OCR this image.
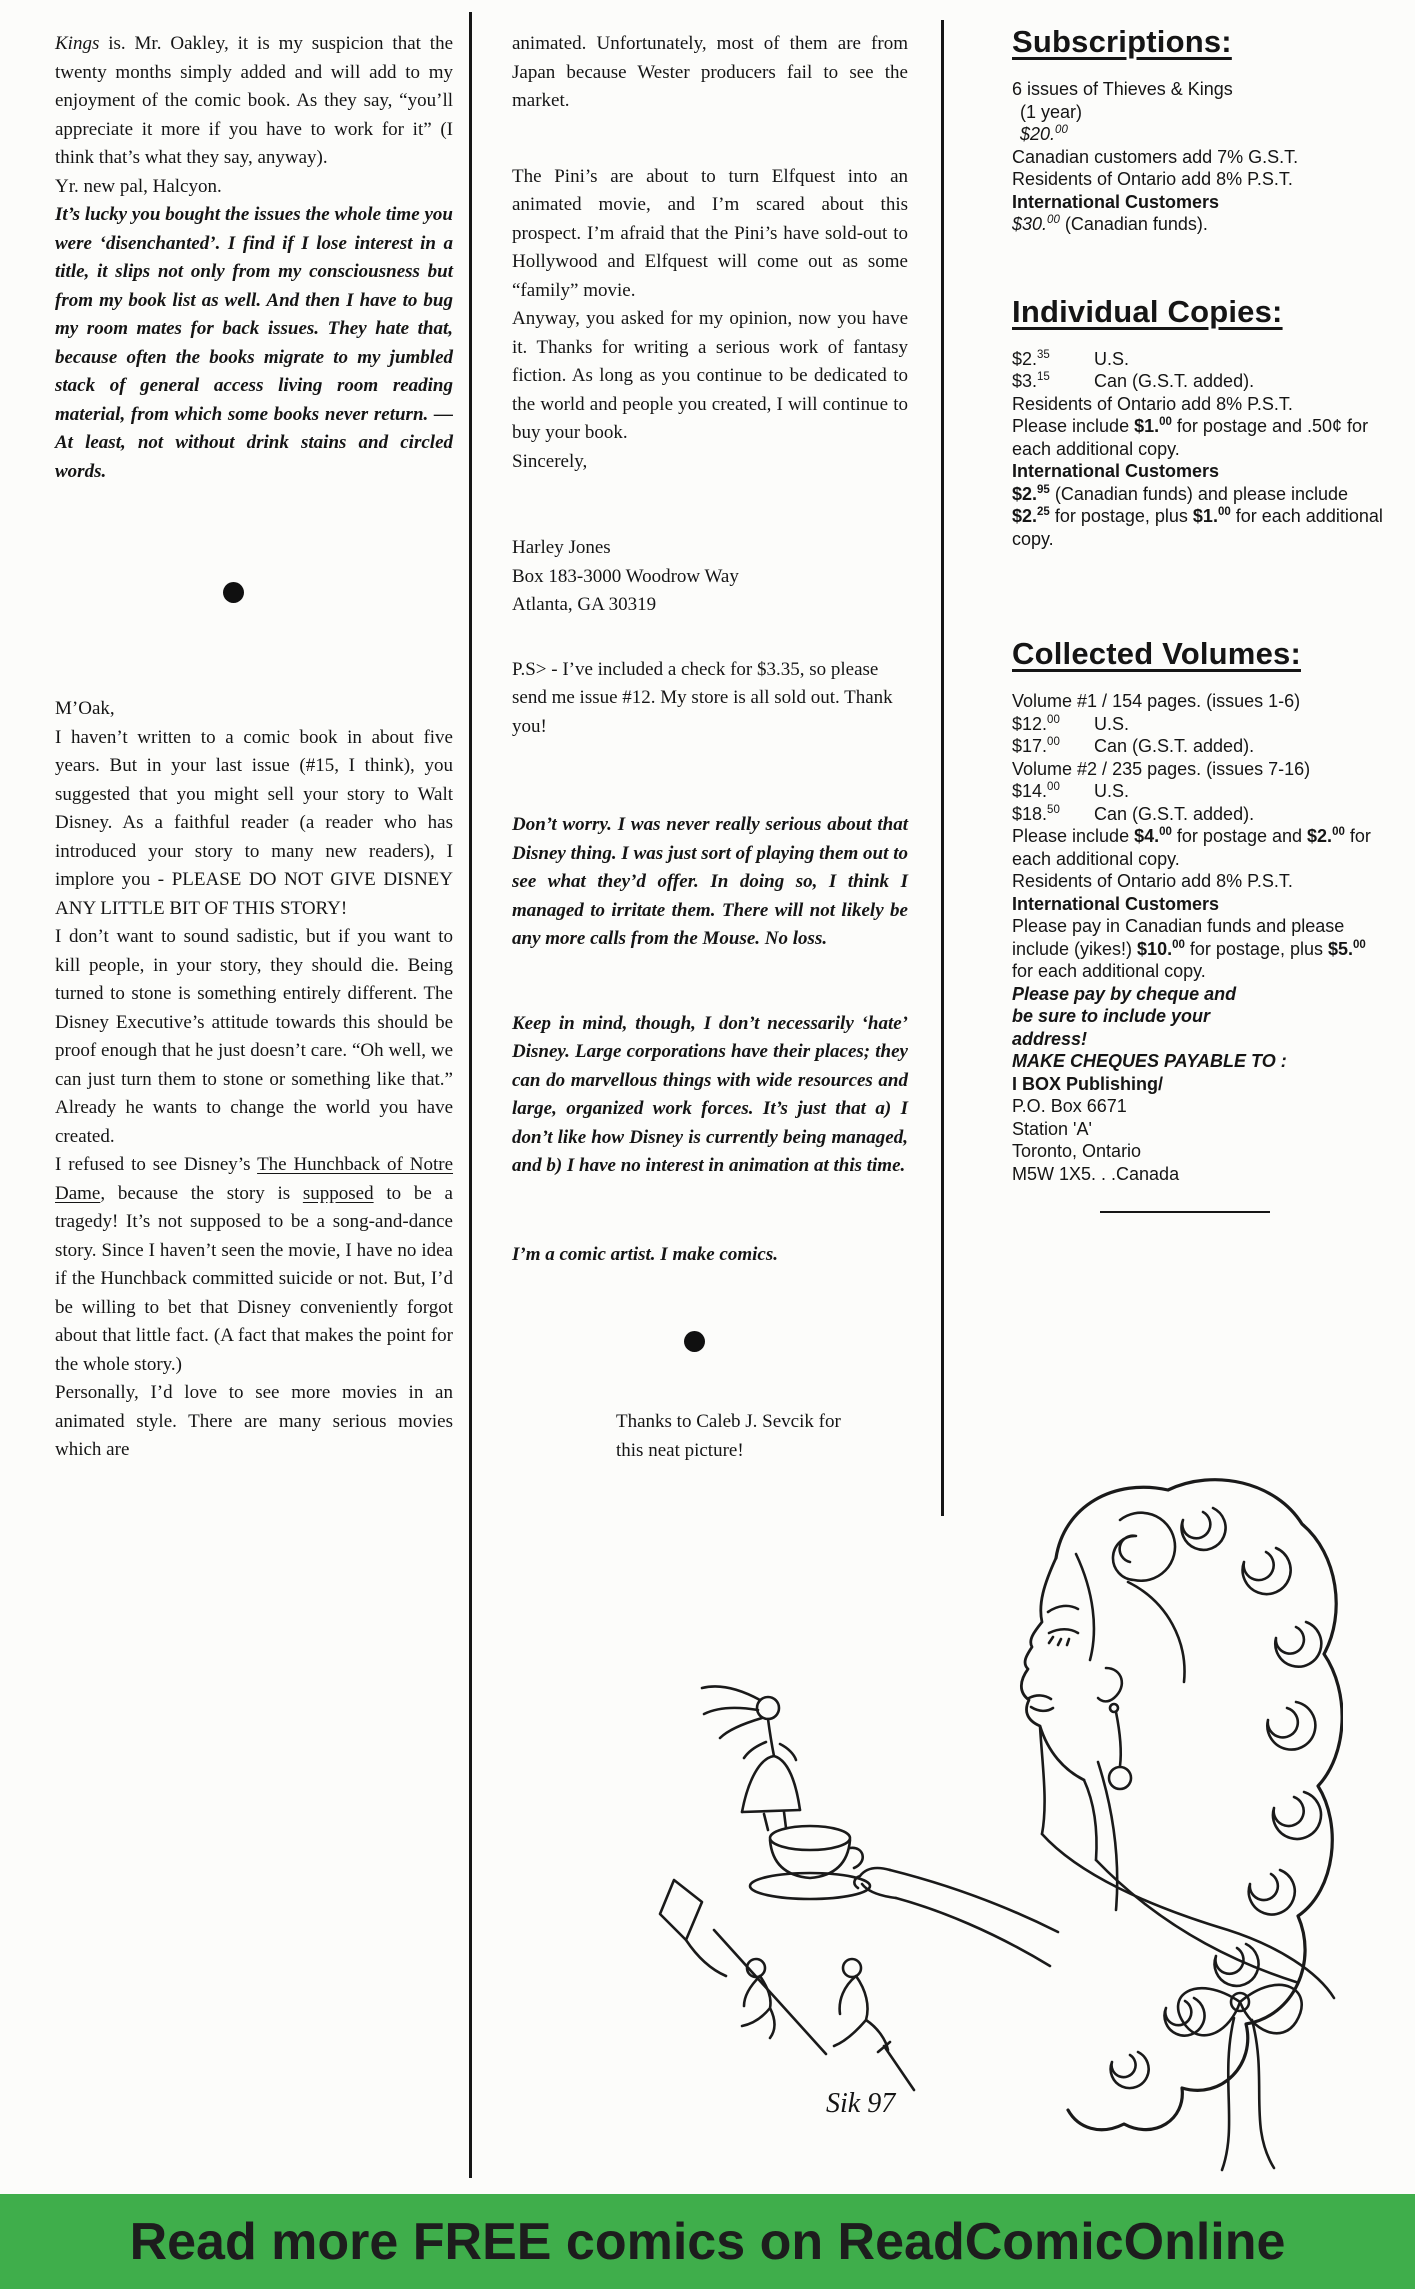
Kings is. Mr. Oakley, it is my suspicion that the twenty months simply added and will add to my enjoyment of the comic book. As they say, “you’ll appreciate it more if you have to work for it” (I think that’s what they say, anyway).

Yr. new pal, Halcyon.

It’s lucky you bought the issues the whole time you were ‘disenchanted’. I find if I lose interest in a title, it slips not only from my consciousness but from my book list as well. And then I have to bug my room mates for back issues. They hate that, because often the books migrate to my jumbled stack of general access living room reading material, from which some books never return. —At least, not without drink stains and circled words.

M’Oak,

I haven’t written to a comic book in about five years. But in your last issue (#15, I think), you suggested that you might sell your story to Walt Disney. As a faithful reader (a reader who has introduced your story to many new readers), I implore you - PLEASE DO NOT GIVE DISNEY ANY LITTLE BIT OF THIS STORY!

I don’t want to sound sadistic, but if you want to kill people, in your story, they should die. Being turned to stone is something entirely different. The Disney Executive’s attitude towards this should be proof enough that he just doesn’t care. “Oh well, we can just turn them to stone or something like that.” Already he wants to change the world you have created.

I refused to see Disney’s The Hunchback of Notre Dame, because the story is supposed to be a tragedy! It’s not supposed to be a song-and-dance story. Since I haven’t seen the movie, I have no idea if the Hunchback committed suicide or not. But, I’d be willing to bet that Disney conveniently forgot about that little fact. (A fact that makes the point for the whole story.)

Personally, I’d love to see more movies in an animated style. There are many serious movies which are

animated. Unfortunately, most of them are from Japan because Wester producers fail to see the market.

The Pini’s are about to turn Elfquest into an animated movie, and I’m scared about this prospect. I’m afraid that the Pini’s have sold-out to Hollywood and Elfquest will come out as some “family” movie.

Anyway, you asked for my opinion, now you have it. Thanks for writing a serious work of fantasy fiction. As long as you continue to be dedicated to the world and people you created, I will continue to buy your book.

Sincerely,

Harley Jones

Box 183-3000 Woodrow Way

Atlanta, GA 30319

P.S> - I’ve included a check for $3.35, so please send me issue #12. My store is all sold out. Thank you!

Don’t worry. I was never really serious about that Disney thing. I was just sort of playing them out to see what they’d offer. In doing so, I think I managed to irritate them. There will not likely be any more calls from the Mouse. No loss.

Keep in mind, though, I don’t necessarily ‘hate’ Disney. Large corporations have their places; they can do marvellous things with wide resources and large, organized work forces. It’s just that a) I don’t like how Disney is currently being managed, and b) I have no interest in animation at this time.

I’m a comic artist. I make comics.

Thanks to Caleb J. Sevcik for

this neat picture!

Subscriptions:

6 issues of Thieves & Kings

(1 year)

$20.00

Canadian customers add 7% G.S.T.

Residents of Ontario add 8% P.S.T.

International Customers

$30.00 (Canadian funds).

Individual Copies:

$2.35 U.S.

$3.15 Can (G.S.T. added).

Residents of Ontario add 8% P.S.T.

Please include $1.00 for postage and .50¢ for each additional copy.

International Customers

$2.95 (Canadian funds) and please include $2.25 for postage, plus $1.00 for each additional copy.

Collected Volumes:

Volume #1 / 154 pages. (issues 1-6)

$12.00 U.S.

$17.00 Can (G.S.T. added).

Volume #2 / 235 pages. (issues 7-16)

$14.00 U.S.

$18.50 Can (G.S.T. added).

Please include $4.00 for postage and $2.00 for each additional copy.

Residents of Ontario add 8% P.S.T.

International Customers

Please pay in Canadian funds and please include (yikes!) $10.00 for postage, plus $5.00 for each additional copy.

Please pay by cheque and be sure to include your address!

MAKE CHEQUES PAYABLE TO :

I BOX Publishing/

P.O. Box 6671

Station 'A'

Toronto, Ontario

M5W 1X5. . .Canada

Sik 97
Read more FREE comics on ReadComicOnline
